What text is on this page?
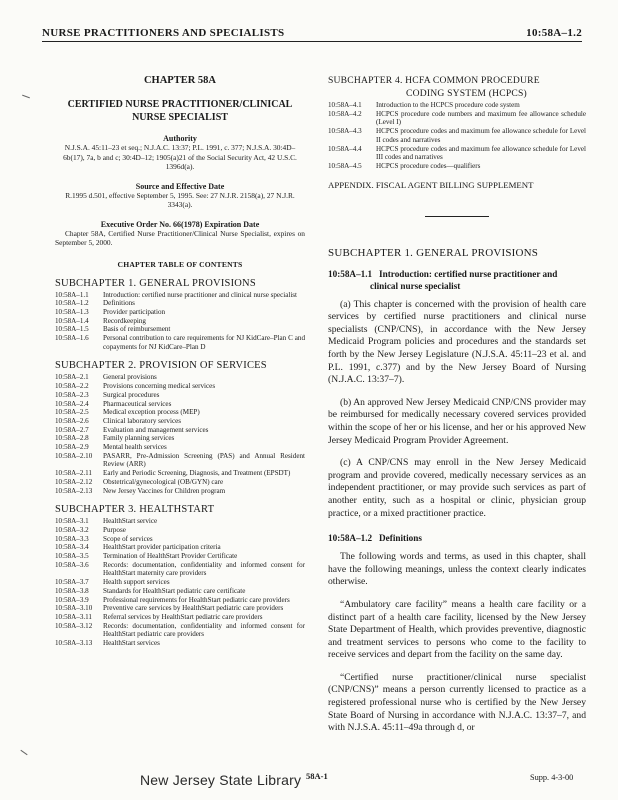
NURSE PRACTITIONERS AND SPECIALISTS	10:58A–1.2
CHAPTER 58A
CERTIFIED NURSE PRACTITIONER/CLINICAL NURSE SPECIALIST
Authority
N.J.S.A. 45:11–23 et seq.; N.J.A.C. 13:37; P.L. 1991, c. 377; N.J.S.A. 30:4D–6b(17), 7a, b and c; 30:4D–12; 1905(a)21 of the Social Security Act, 42 U.S.C. 1396d(a).
Source and Effective Date
R.1995 d.501, effective September 5, 1995. See: 27 N.J.R. 2158(a), 27 N.J.R. 3343(a).
Executive Order No. 66(1978) Expiration Date
Chapter 58A, Certified Nurse Practitioner/Clinical Nurse Specialist, expires on September 5, 2000.
CHAPTER TABLE OF CONTENTS
SUBCHAPTER 1. GENERAL PROVISIONS
10:58A–1.1	Introduction: certified nurse practitioner and clinical nurse specialist
10:58A–1.2	Definitions
10:58A–1.3	Provider participation
10:58A–1.4	Recordkeeping
10:58A–1.5	Basis of reimbursement
10:58A–1.6	Personal contribution to care requirements for NJ KidCare–Plan C and copayments for NJ KidCare–Plan D
SUBCHAPTER 2. PROVISION OF SERVICES
10:58A–2.1	General provisions
10:58A–2.2	Provisions concerning medical services
10:58A–2.3	Surgical procedures
10:58A–2.4	Pharmaceutical services
10:58A–2.5	Medical exception process (MEP)
10:58A–2.6	Clinical laboratory services
10:58A–2.7	Evaluation and management services
10:58A–2.8	Family planning services
10:58A–2.9	Mental health services
10:58A–2.10	PASARR, Pre-Admission Screening (PAS) and Annual Resident Review (ARR)
10:58A–2.11	Early and Periodic Screening, Diagnosis, and Treatment (EPSDT)
10:58A–2.12	Obstetrical/gynecological (OB/GYN) care
10:58A–2.13	New Jersey Vaccines for Children program
SUBCHAPTER 3. HEALTHSTART
10:58A–3.1	HealthStart service
10:58A–3.2	Purpose
10:58A–3.3	Scope of services
10:58A–3.4	HealthStart provider participation criteria
10:58A–3.5	Termination of HealthStart Provider Certificate
10:58A–3.6	Records: documentation, confidentiality and informed consent for HealthStart maternity care providers
10:58A–3.7	Health support services
10:58A–3.8	Standards for HealthStart pediatric care certificate
10:58A–3.9	Professional requirements for HealthStart pediatric care providers
10:58A–3.10	Preventive care services by HealthStart pediatric care providers
10:58A–3.11	Referral services by HealthStart pediatric care providers
10:58A–3.12	Records: documentation, confidentiality and informed consent for HealthStart pediatric care providers
10:58A–3.13	HealthStart services
SUBCHAPTER 4. HCFA COMMON PROCEDURE
CODING SYSTEM (HCPCS)
10:58A–4.1	Introduction to the HCPCS procedure code system
10:58A–4.2	HCPCS procedure code numbers and maximum fee allowance schedule (Level I)
10:58A–4.3	HCPCS procedure codes and maximum fee allowance schedule for Level II codes and narratives
10:58A–4.4	HCPCS procedure codes and maximum fee allowance schedule for Level III codes and narratives
10:58A–4.5	HCPCS procedure codes—qualifiers
APPENDIX. FISCAL AGENT BILLING SUPPLEMENT
SUBCHAPTER 1. GENERAL PROVISIONS
10:58A–1.1 Introduction: certified nurse practitioner and clinical nurse specialist
(a) This chapter is concerned with the provision of health care services by certified nurse practitioners and clinical nurse specialists (CNP/CNS), in accordance with the New Jersey Medicaid Program policies and procedures and the standards set forth by the New Jersey Legislature (N.J.S.A. 45:11–23 et al. and P.L. 1991, c.377) and by the New Jersey Board of Nursing (N.J.A.C. 13:37–7).
(b) An approved New Jersey Medicaid CNP/CNS provider may be reimbursed for medically necessary covered services provided within the scope of her or his license, and her or his approved New Jersey Medicaid Program Provider Agreement.
(c) A CNP/CNS may enroll in the New Jersey Medicaid program and provide covered, medically necessary services as an independent practitioner, or may provide such services as part of another entity, such as a hospital or clinic, physician group practice, or a mixed practitioner practice.
10:58A–1.2 Definitions
The following words and terms, as used in this chapter, shall have the following meanings, unless the context clearly indicates otherwise.
“Ambulatory care facility” means a health care facility or a distinct part of a health care facility, licensed by the New Jersey State Department of Health, which provides preventive, diagnostic and treatment services to persons who come to the facility to receive services and depart from the facility on the same day.
“Certified nurse practitioner/clinical nurse specialist (CNP/CNS)” means a person currently licensed to practice as a registered professional nurse who is certified by the New Jersey State Board of Nursing in accordance with N.J.A.C. 13:37–7, and with N.J.S.A. 45:11–49a through d, or
New Jersey State Library 58A-1	Supp. 4-3-00
